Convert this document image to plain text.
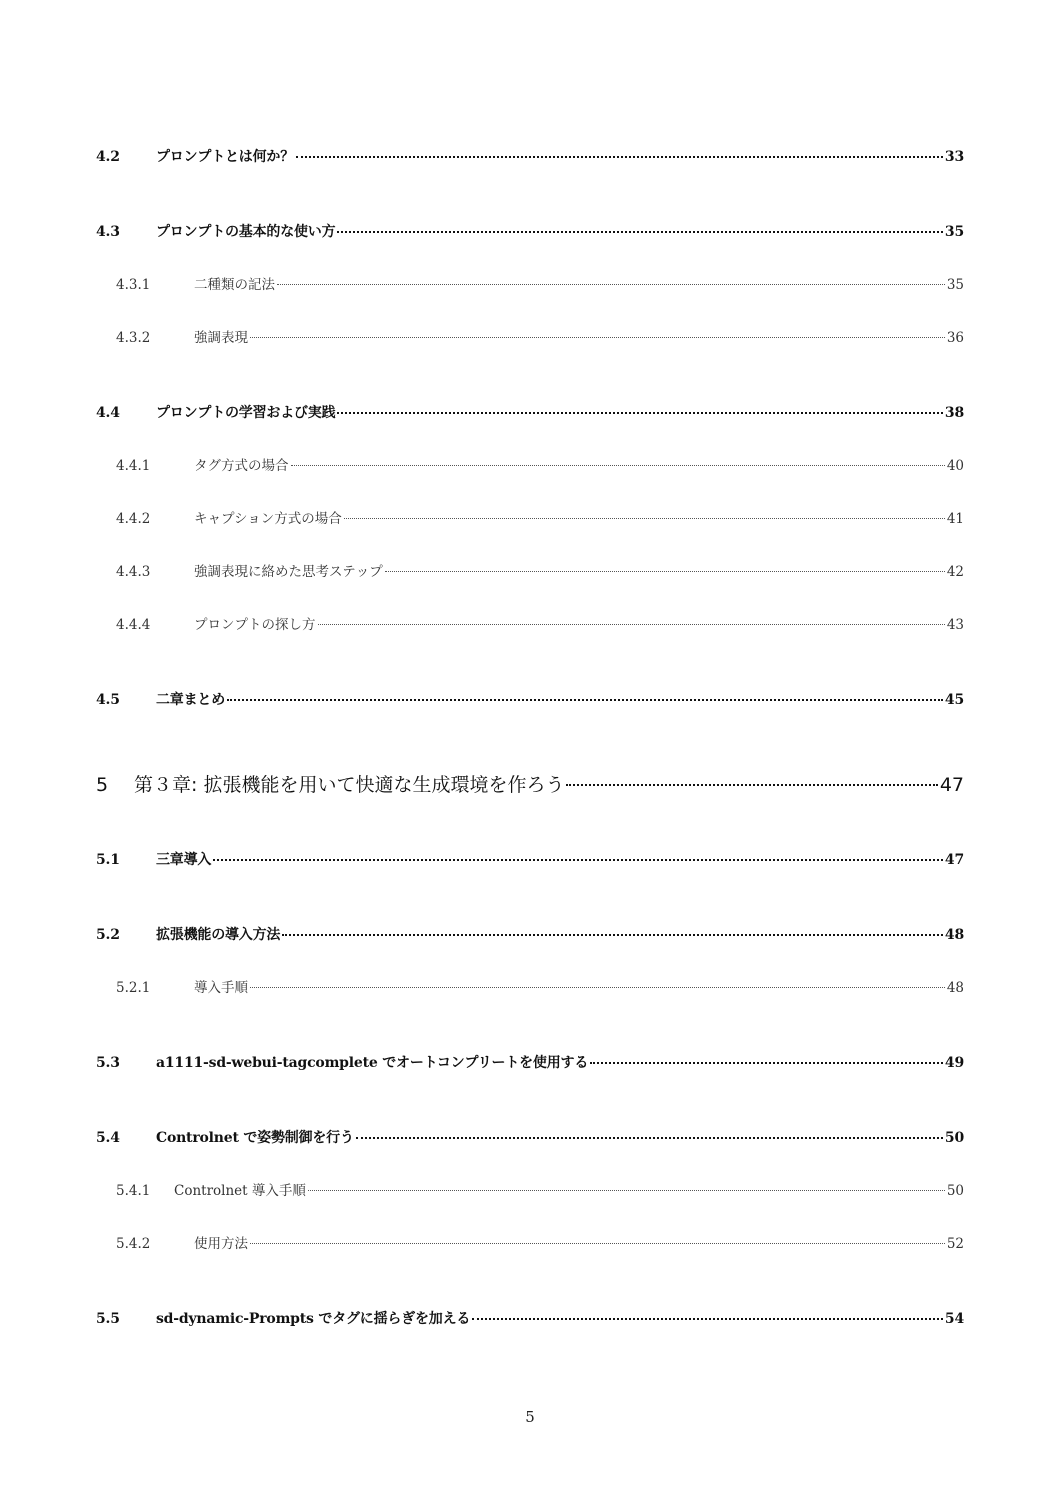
4.2	プロンプトとは何か？	33
4.3	プロンプトの基本的な使い方	35
4.3.1	二種類の記法	35
4.3.2	強調表現	36
4.4	プロンプトの学習および実践	38
4.4.1	タグ方式の場合	40
4.4.2	キャプション方式の場合	41
4.4.3	強調表現に絡めた思考ステップ	42
4.4.4	プロンプトの探し方	43
4.5	二章まとめ	45
5	第３章: 拡張機能を用いて快適な生成環境を作ろう	47
5.1	三章導入	47
5.2	拡張機能の導入方法	48
5.2.1	導入手順	48
5.3	a1111-sd-webui-tagcomplete でオートコンプリートを使用する	49
5.4	Controlnet で姿勢制御を行う	50
5.4.1	Controlnet 導入手順	50
5.4.2	使用方法	52
5.5	sd-dynamic-Prompts でタグに揺らぎを加える	54
5
